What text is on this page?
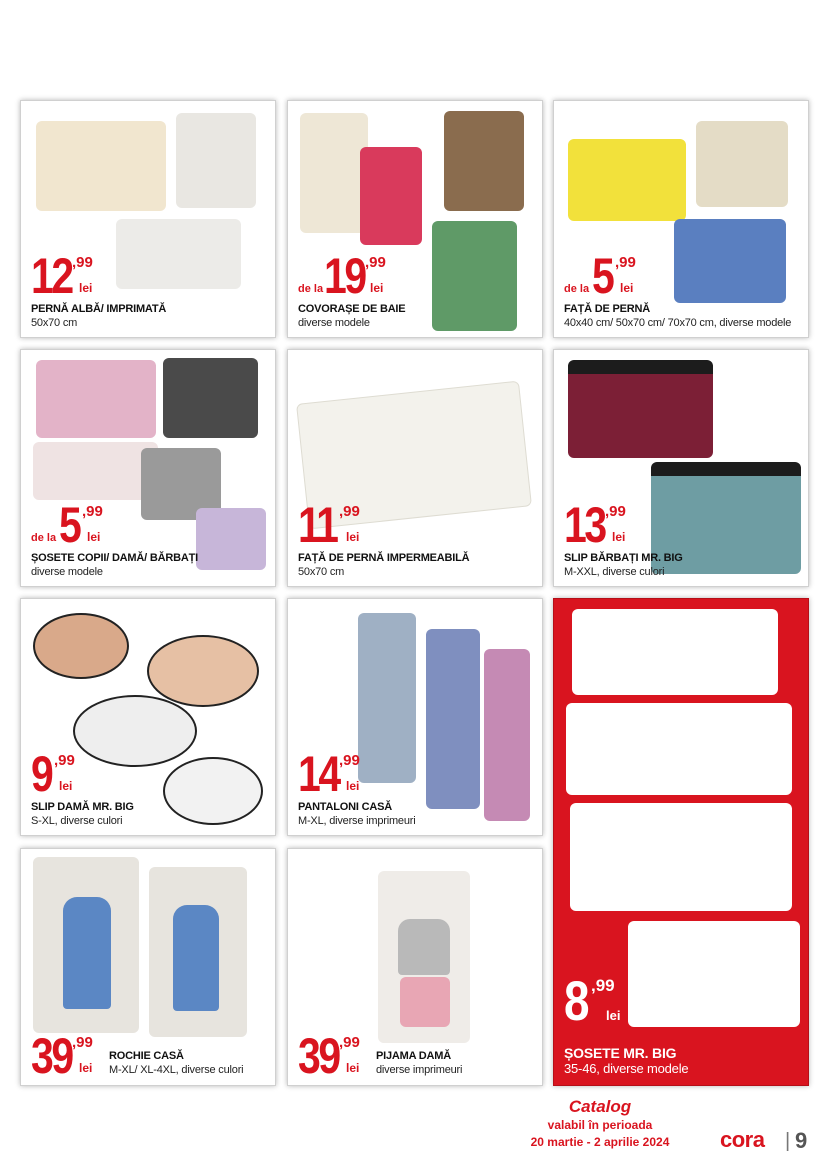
12 ,99
lei
PERNĂ ALBĂ/ IMPRIMATĂ
50x70 cm
de la 19 ,99
lei
COVORAȘE DE BAIE
diverse modele
de la 5 ,99
lei
FAȚĂ DE PERNĂ
40x40 cm/ 50x70 cm/ 70x70 cm, diverse modele
de la 5 ,99
lei
ȘOSETE COPII/ DAMĂ/ BĂRBAȚI
diverse modele
11 ,99
lei
FAȚĂ DE PERNĂ IMPERMEABILĂ
50x70 cm
13 ,99
lei
SLIP BĂRBAȚI MR. BIG
M-XXL, diverse culori
9 ,99
lei
SLIP DAMĂ MR. BIG
S-XL, diverse culori
14 ,99
lei
PANTALONI CASĂ
M-XL, diverse imprimeuri
8 ,99
lei
ȘOSETE MR. BIG
35-46, diverse modele
39 ,99
lei
ROCHIE CASĂ
M-XL/ XL-4XL, diverse culori 39 ,99
lei
PIJAMA DAMĂ
diverse imprimeuri
Catalog
valabil în perioada
20 martie - 2 aprilie 2024	cora | 9
